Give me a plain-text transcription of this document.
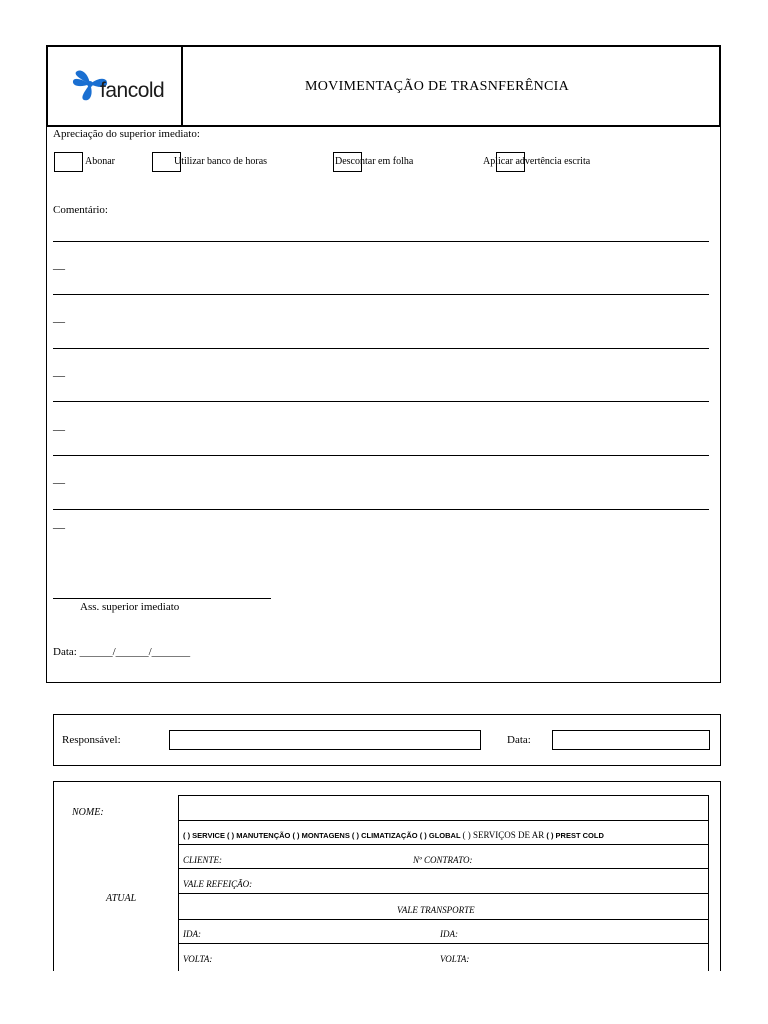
fancold	MOVIMENTAÇÃO DE TRASNFERÊNCIA
Apreciação do superior imediato:
Abonar	Utilizar banco de horas	Descontar em folha	Aplicar advertência escrita
Comentário:
__
__
__
__
__
__
Ass. superior imediato
Data: ______/______/_______
Responsável:	Data:
NOME:
ATUAL
( ) SERVICE ( ) MANUTENÇÃO ( ) MONTAGENS ( ) CLIMATIZAÇÃO ( ) GLOBAL ( ) SERVIÇOS DE AR ( ) PREST COLD
CLIENTE:	Nº CONTRATO:
VALE REFEIÇÃO:
VALE TRANSPORTE
IDA:	IDA:
VOLTA:	VOLTA:
